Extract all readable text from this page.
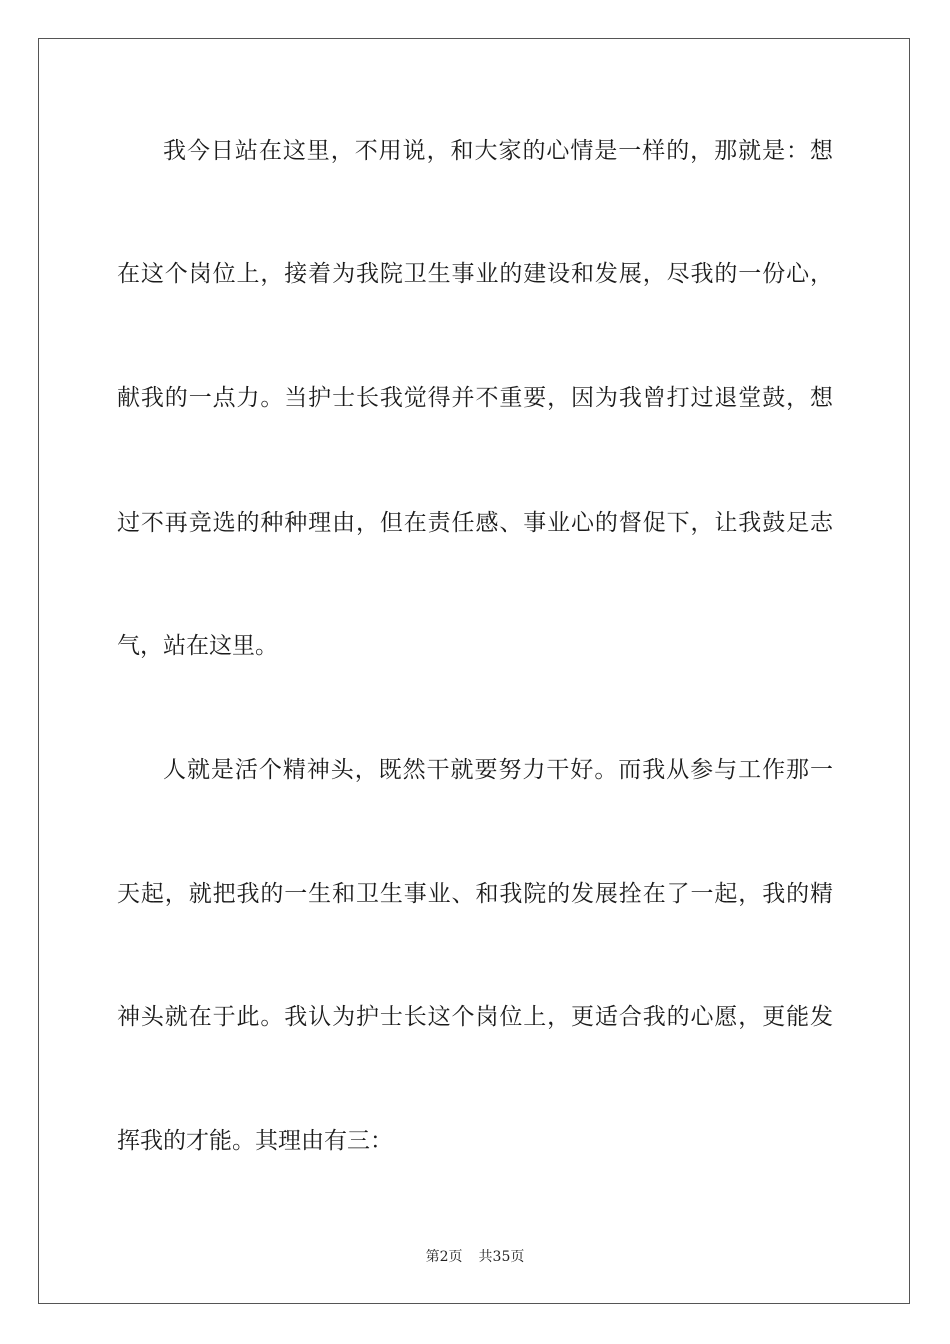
我今日站在这里，不用说，和大家的心情是一样的，那就是：想
在这个岗位上，接着为我院卫生事业的建设和发展，尽我的一份心，
献我的一点力。当护士长我觉得并不重要，因为我曾打过退堂鼓，想
过不再竞选的种种理由，但在责任感、事业心的督促下，让我鼓足志
气，站在这里。
人就是活个精神头，既然干就要努力干好。而我从参与工作那一
天起，就把我的一生和卫生事业、和我院的发展拴在了一起，我的精
神头就在于此。我认为护士长这个岗位上，更适合我的心愿，更能发
挥我的才能。其理由有三：
第2页 共35页
